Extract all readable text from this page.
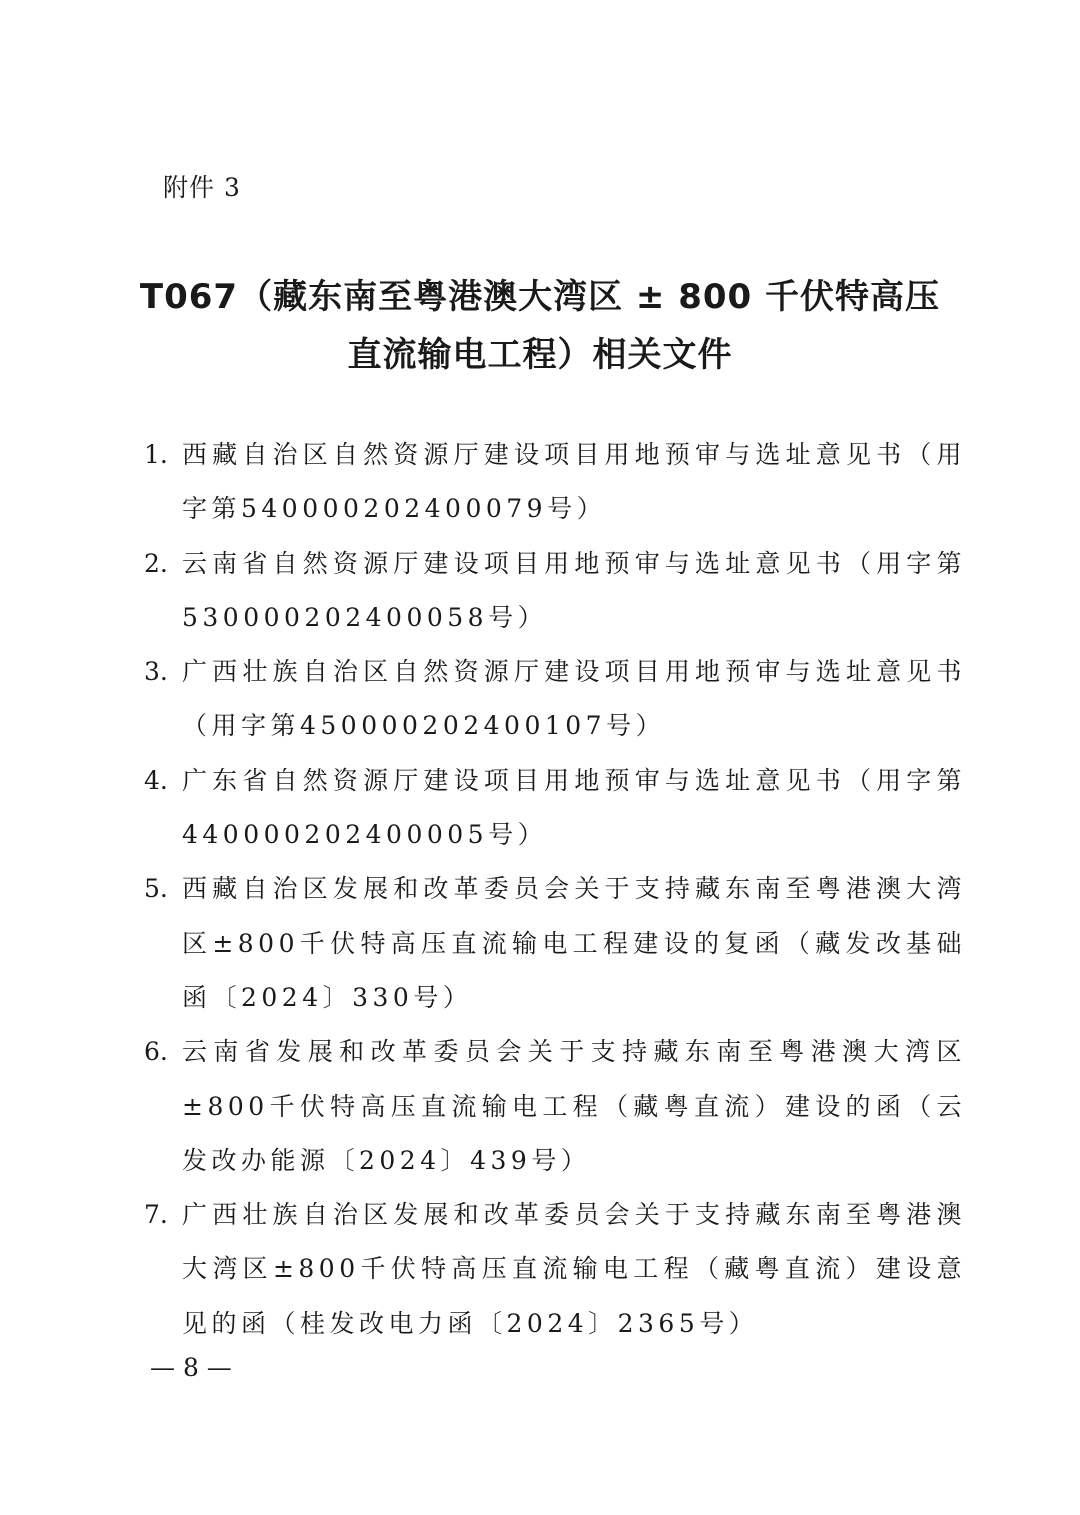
附件 3
T067（藏东南至粤港澳大湾区 ± 800 千伏特高压
直流输电工程）相关文件
1. 西藏自治区自然资源厅建设项目用地预审与选址意见书（用字第540000202400079号）
2. 云南省自然资源厅建设项目用地预审与选址意见书（用字第530000202400058号）
3. 广西壮族自治区自然资源厅建设项目用地预审与选址意见书（用字第450000202400107号）
4. 广东省自然资源厅建设项目用地预审与选址意见书（用字第440000202400005号）
5. 西藏自治区发展和改革委员会关于支持藏东南至粤港澳大湾区±800千伏特高压直流输电工程建设的复函（藏发改基础函〔2024〕330号）
6. 云南省发展和改革委员会关于支持藏东南至粤港澳大湾区±800千伏特高压直流输电工程（藏粤直流）建设的函（云发改办能源〔2024〕439号）
7. 广西壮族自治区发展和改革委员会关于支持藏东南至粤港澳大湾区±800千伏特高压直流输电工程（藏粤直流）建设意见的函（桂发改电力函〔2024〕2365号）
— 8 —
